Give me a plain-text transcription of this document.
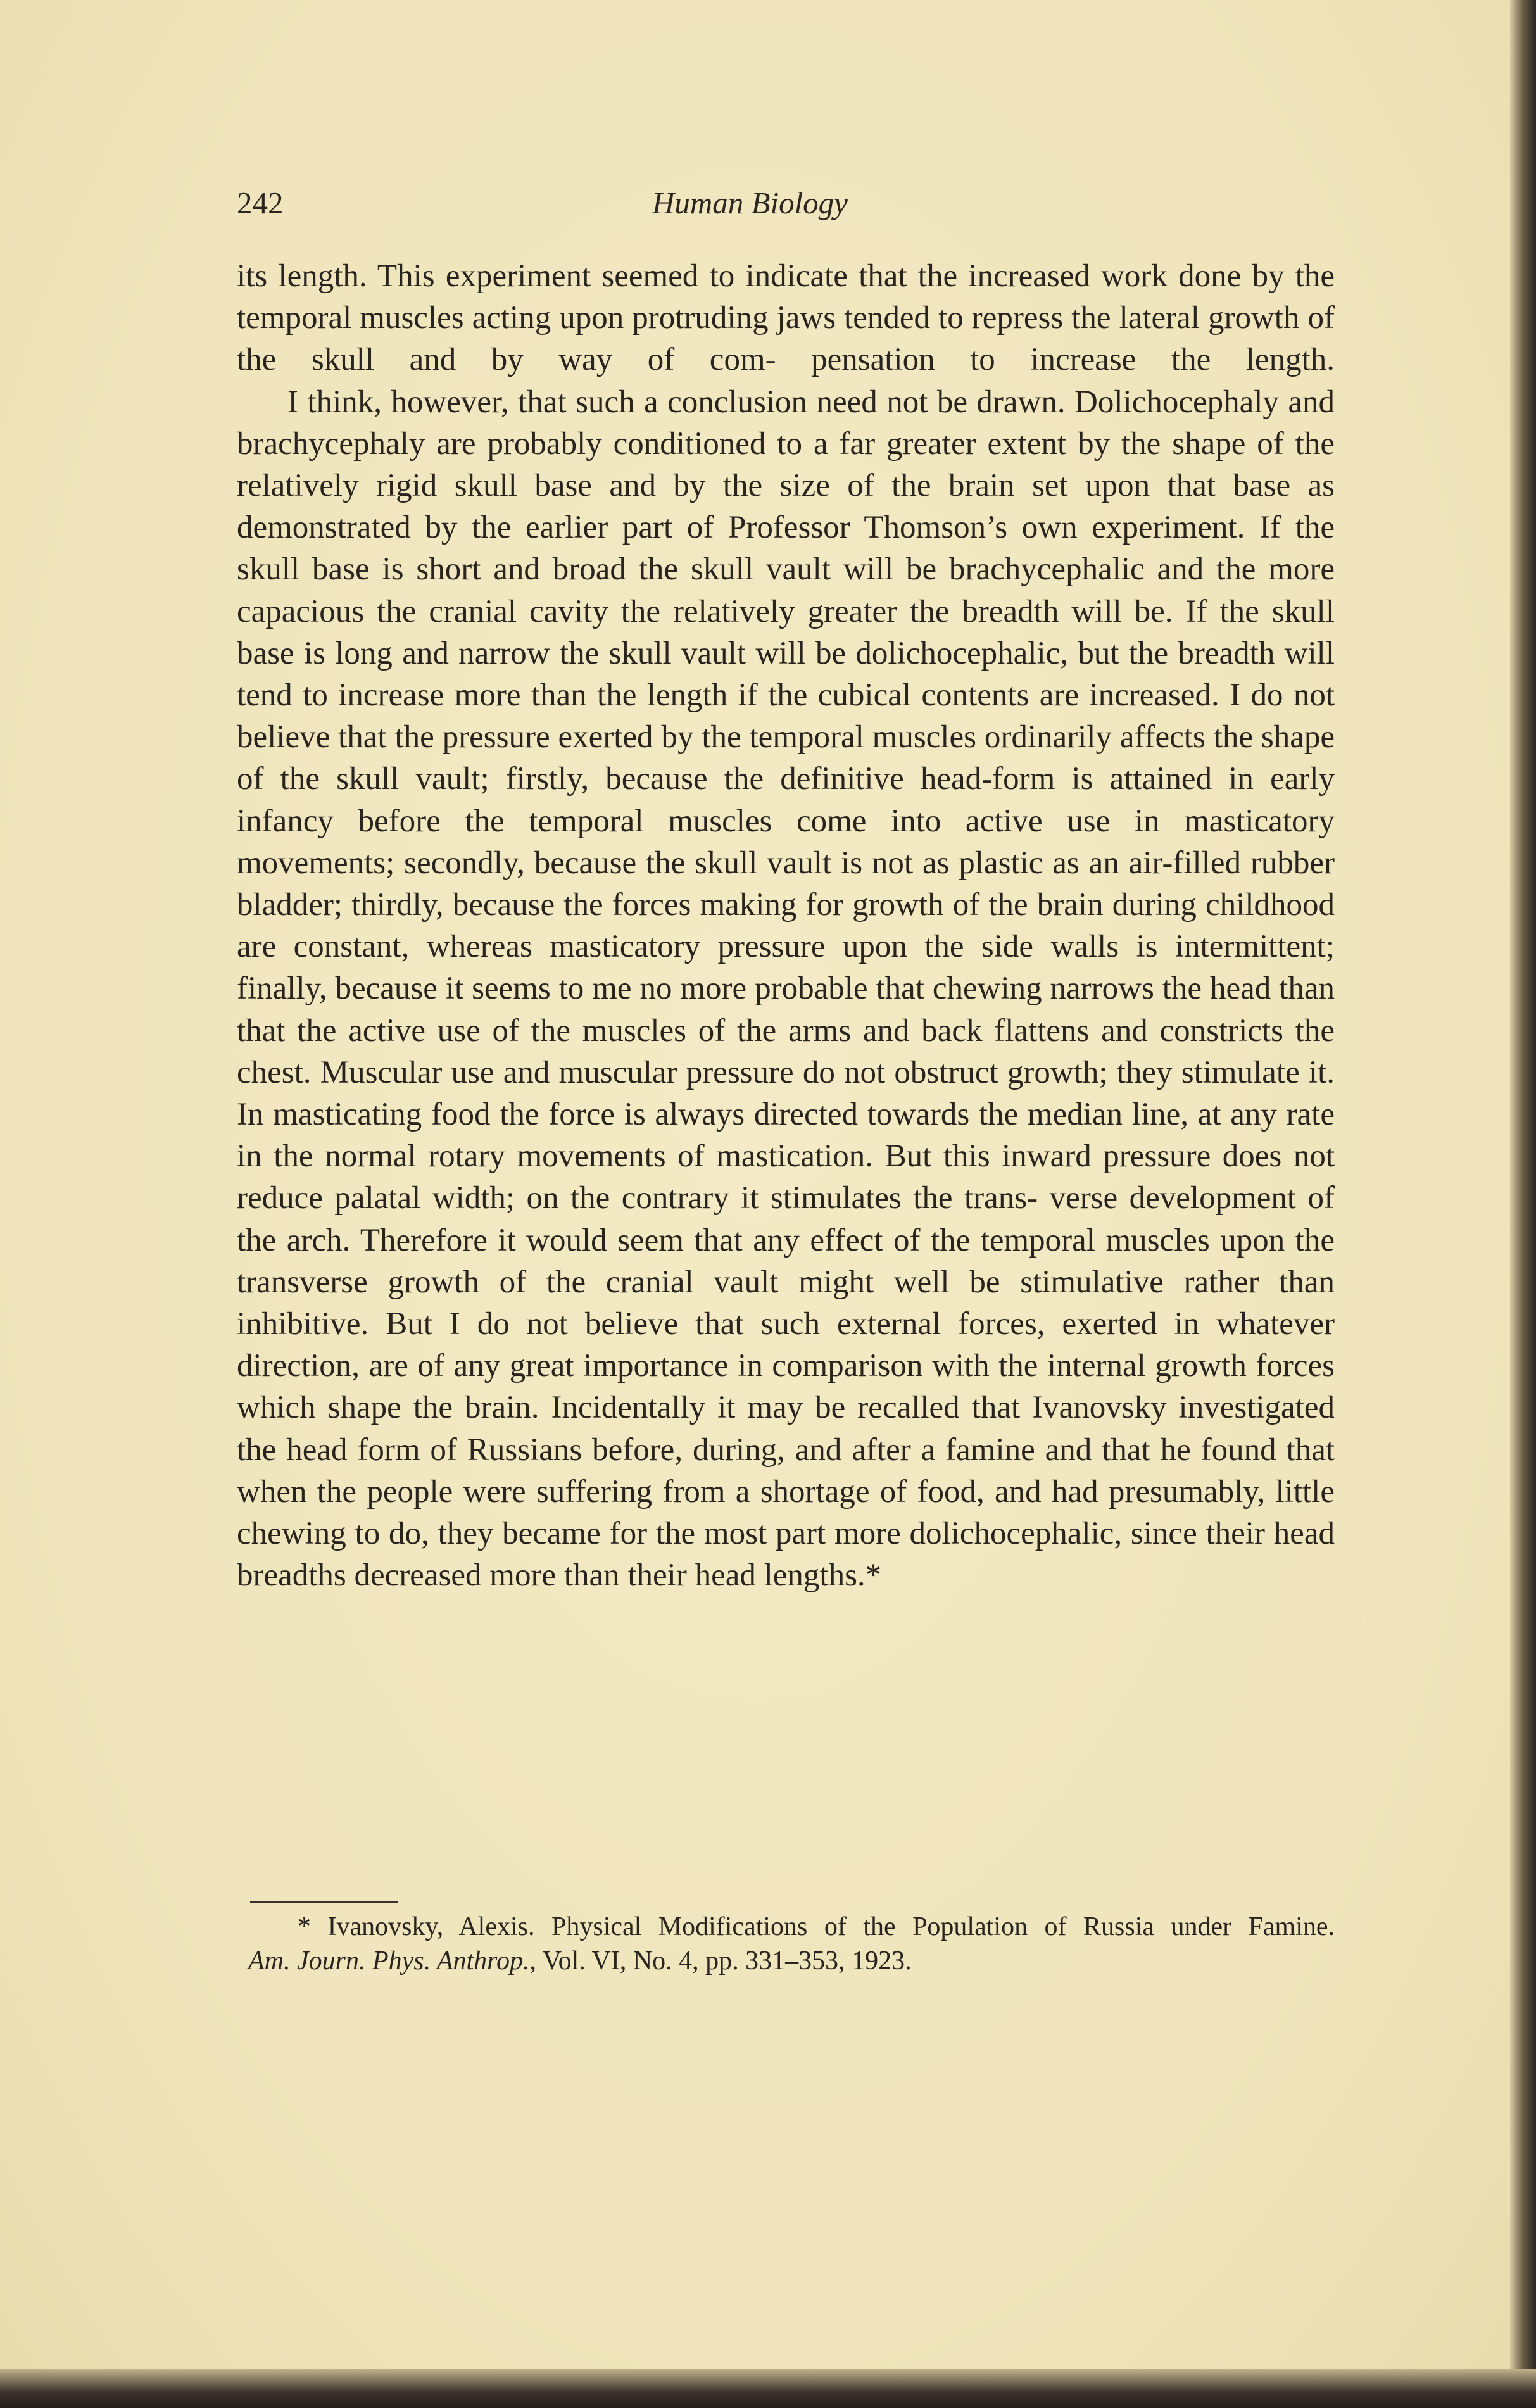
242	Human Biology

its length. This experiment seemed to indicate that the increased work done by the temporal muscles acting upon protruding jaws tended to repress the lateral growth of the skull and by way of com- pensation to increase the length.

I think, however, that such a conclusion need not be drawn. Dolichocephaly and brachycephaly are probably conditioned to a far greater extent by the shape of the relatively rigid skull base and by the size of the brain set upon that base as demonstrated by the earlier part of Professor Thomson’s own experiment. If the skull base is short and broad the skull vault will be brachycephalic and the more capacious the cranial cavity the relatively greater the breadth will be. If the skull base is long and narrow the skull vault will be dolichocephalic, but the breadth will tend to increase more than the length if the cubical contents are increased. I do not believe that the pressure exerted by the temporal muscles ordinarily affects the shape of the skull vault; firstly, because the definitive head-form is attained in early infancy before the temporal muscles come into active use in masticatory movements; secondly, because the skull vault is not as plastic as an air-filled rubber bladder; thirdly, because the forces making for growth of the brain during childhood are constant, whereas masticatory pressure upon the side walls is intermittent; finally, because it seems to me no more probable that chewing narrows the head than that the active use of the muscles of the arms and back flattens and constricts the chest. Muscular use and muscular pressure do not obstruct growth; they stimulate it. In masticating food the force is always directed towards the median line, at any rate in the normal rotary movements of mastication. But this inward pressure does not reduce palatal width; on the contrary it stimulates the trans- verse development of the arch. Therefore it would seem that any effect of the temporal muscles upon the transverse growth of the cranial vault might well be stimulative rather than inhibitive. But I do not believe that such external forces, exerted in whatever direction, are of any great importance in comparison with the internal growth forces which shape the brain. Incidentally it may be recalled that Ivanovsky investigated the head form of Russians before, during, and after a famine and that he found that when the people were suffering from a shortage of food, and had presumably, little chewing to do, they became for the most part more dolichocephalic, since their head breadths decreased more than their head lengths.*

* Ivanovsky, Alexis. Physical Modifications of the Population of Russia under Famine.
Am. Journ. Phys. Anthrop., Vol. VI, No. 4, pp. 331–353, 1923.
